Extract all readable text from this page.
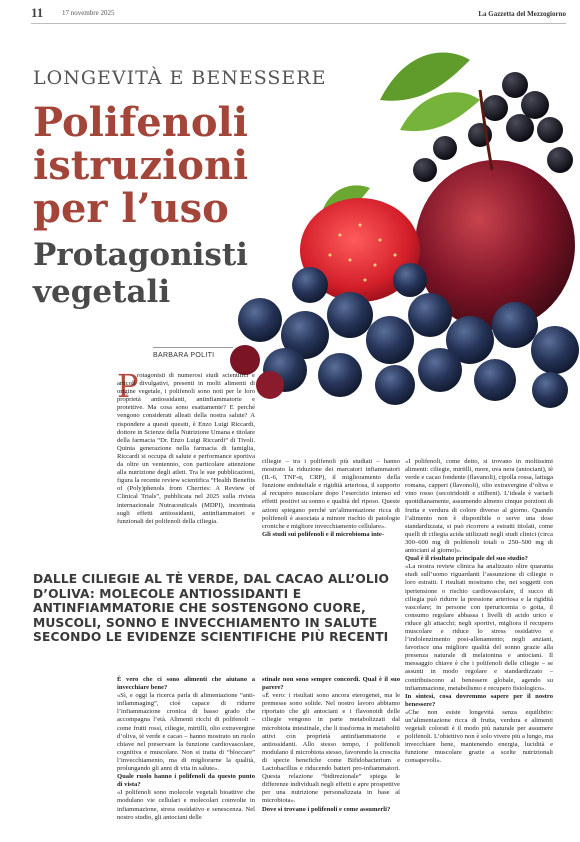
11	17 novembre 2025	La Gazzetta del Mezzogiorno
LONGEVITÀ E BENESSERE
Polifenoli istruzioni per l’uso
Protagonisti vegetali
BARBARA POLITI
P

rotagonisti di numerosi studi scientifici e articoli divulgativi, presenti in molti alimenti di origine vegetale, i polifenoli sono noti per le loro proprietà antiossidanti, antinfiammatorie e protettive. Ma cosa sono esattamente? E perché vengono considerati alleati della nostra salute? A rispondere a questi quesiti, è Enzo Luigi Riccardi, dottore in Scienze della Nutrizione Umana e titolare della farmacia “Dr. Enzo Luigi Riccardi” di Tivoli. Quinta generazione nella farmacia di famiglia, Riccardi si occupa di salute e performance sportiva da oltre un ventennio, con particolare attenzione alla nutrizione degli atleti. Tra le sue pubblicazioni, figura la recente review scientifica “Health Benefits of (Poly)phenols from Cherries: A Review of Clinical Trials”, pubblicata nel 2025 sulla rivista internazionale Nutraceuticals (MDPI), incentrata sugli effetti antiossidanti, antinfiammatori e funzionali dei polifenoli della ciliegia.

ciliegie – tra i polifenoli più studiati – hanno mostrato la riduzione dei marcatori infiammatori (IL-6, TNF-α, CRP), il miglioramento della funzione endoteliale e rigidità arteriosa, il supporto al recupero muscolare dopo l’esercizio intenso ed effetti positivi su sonno e qualità del riposo. Queste azioni spiegano perché un’alimentazione ricca di polifenoli è associata a minore rischio di patologie croniche e migliore invecchiamento cellulare».

Gli studi sui polifenoli e il microbioma inte-

«I polifenoli, come detto, si trovano in moltissimi alimenti: ciliegie, mirtilli, more, uva nera (antociani), tè verde e cacao fondente (flavanoli), cipolla rossa, lattuga romana, capperi (flavonoli), olio extravergine d’oliva e vino rosso (secoiridoidi e stilbeni). L’ideale è variarli quotidianamente, assumendo almeno cinque porzioni di frutta e verdura di colore diverso al giorno. Quando l’alimento non è disponibile o serve una dose standardizzata, si può ricorrere a estratti titolati, come quelli di ciliegia acida utilizzati negli studi clinici (circa 300–600 mg di polifenoli totali o 250–500 mg di antociani al giorno)».

Qual è il risultato principale del suo studio?

«La nostra review clinica ha analizzato oltre quaranta studi sull’uomo riguardanti l’assunzione di ciliegie o loro estratti. I risultati mostrano che, nei soggetti con ipertensione o rischio cardiovascolare, il succo di ciliegia può ridurre la pressione arteriosa e la rigidità vascolare; in persone con iperuricemia o gotta, il consumo regolare abbassa i livelli di acido urico e riduce gli attacchi; negli sportivi, migliora il recupero muscolare e riduce lo stress ossidativo e l’indolenzimento post-allenamento; negli anziani, favorisce una migliore qualità del sonno grazie alla presenza naturale di melatonina e antociani. Il messaggio chiave è che i polifenoli delle ciliegie – se assunti in modo regolare e standardizzato – contribuiscono al benessere globale, agendo su infiammazione, metabolismo e recupero fisiologico».

In sintesi, cosa dovremmo sapere per il nostro benessere?

«Che non esiste longevità senza equilibrio: un’alimentazione ricca di frutta, verdura e alimenti vegetali colorati è il modo più naturale per assumere polifenoli. L’obiettivo non è solo vivere più a lungo, ma invecchiare bene, mantenendo energia, lucidità e funzione muscolare grazie a scelte nutrizionali consapevoli».

DALLE CILIEGIE AL TÈ VERDE, DAL CACAO ALL’OLIO D’OLIVA: MOLECOLE ANTIOSSIDANTI E ANTINFIAMMATORIE CHE SOSTENGONO CUORE, MUSCOLI, SONNO E INVECCHIAMENTO IN SALUTE SECONDO LE EVIDENZE SCIENTIFICHE PIÙ RECENTI

È vero che ci sono alimenti che aiutano a invecchiare bene?

«Sì, e oggi la ricerca parla di alimentazione “anti-inflammaging”, cioè capace di ridurre l’infiammazione cronica di basso grado che accompagna l’età. Alimenti ricchi di polifenoli – come frutti rossi, ciliegie, mirtilli, olio extravergine d’oliva, tè verde e cacao – hanno mostrato un ruolo chiave nel preservare la funzione cardiovascolare, cognitiva e muscolare. Non si tratta di “bloccare” l’invecchiamento, ma di migliorarne la qualità, prolungando gli anni di vita in salute».

Quale ruolo hanno i polifenoli da questo punto di vista?

«I polifenoli sono molecole vegetali bioattive che modulano vie cellulari e molecolari coinvolte in infiammazione, stress ossidativo e senescenza. Nel nostro studio, gli antociani delle

stinale non sono sempre concordi. Qual è il suo parere?

«È vero: i risultati sono ancora eterogenei, ma le premesse sono solide. Nel nostro lavoro abbiamo riportato che gli antociani e i flavonoidi delle ciliegie vengono in parte metabolizzati dal microbiota intestinale, che li trasforma in metaboliti attivi con proprietà antinfiammatorie e antiossidanti. Allo stesso tempo, i polifenoli modulano il microbiota stesso, favorendo la crescita di specie benefiche come Bifidobacterium e Lactobacillus e riducendo batteri pro-infiammatori. Questa relazione “bidirezionale” spiega le differenze individuali negli effetti e apre prospettive per una nutrizione personalizzata in base al microbiota».

Dove si trovano i polifenoli e come assumerli?
